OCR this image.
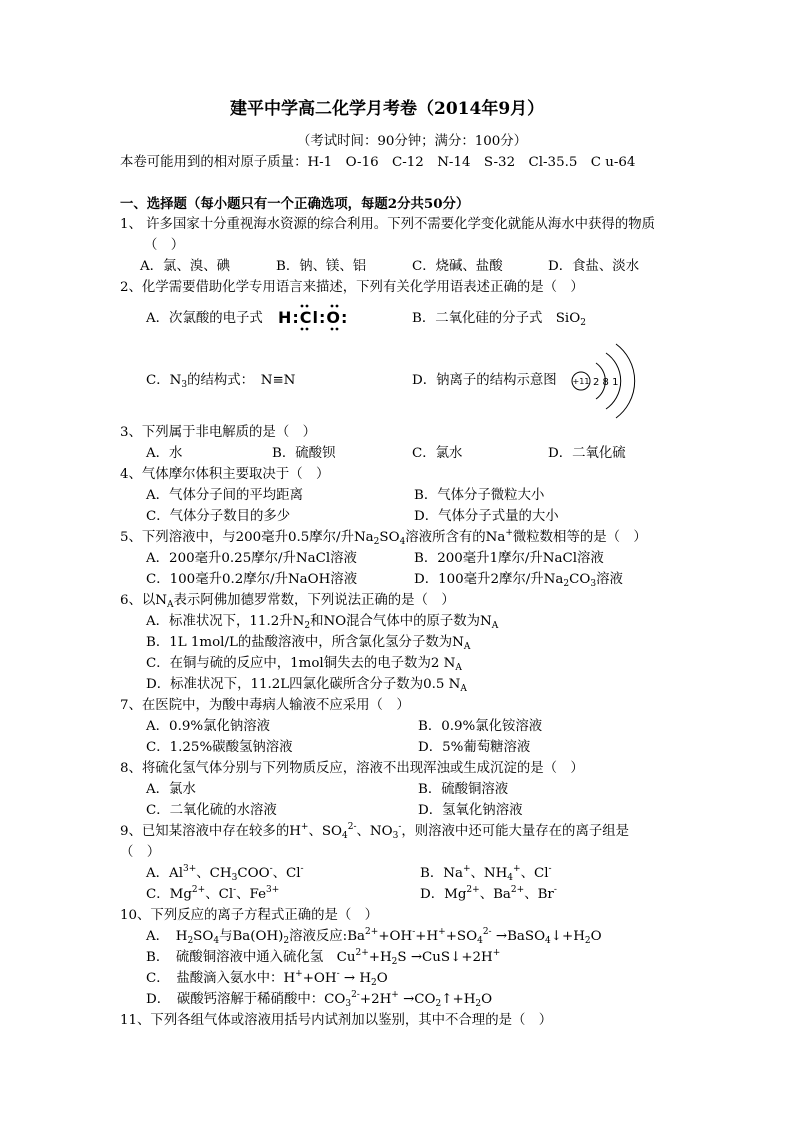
建平中学高二化学月考卷（2014年9月）
（考试时间：90分钟；满分：100分）
本卷可能用到的相对原子质量：H-1　O-16　C-12　N-14　S-32　Cl-35.5　C u-64
一、选择题（每小题只有一个正确选项，每题2分共50分）
1、 许多国家十分重视海水资源的综合利用。下列不需要化学变化就能从海水中获得的物质
（　）
A．氯、溴、碘	B．钠、镁、铝	C．烧碱、盐酸	D．食盐、淡水
2、化学需要借助化学专用语言来描述，下列有关化学用语表述正确的是（　）
A．次氯酸的电子式 H:Cl:O:	B．二氧化硅的分子式　 SiO$_2$
C．$N_3$的结构式：　N≡N	D．钠离子的结构示意图 +11 2 8 1
3、下列属于非电解质的是（　）
A．水	B．硫酸钡	C．氯水	D．二氧化硫
4、气体摩尔体积主要取决于（　）
A．气体分子间的平均距离	B．气体分子微粒大小
C．气体分子数目的多少	D．气体分子式量的大小
5、下列溶液中，与200毫升0.5摩尔/升$Na_2SO_4$溶液所含有的Na+微粒数相等的是（　）
A．200毫升0.25摩尔/升NaCl溶液	B．200毫升1摩尔/升NaCl溶液
C．100毫升0.2摩尔/升NaOH溶液	D．100毫升2摩尔/升$Na_2CO_3$溶液
6、以$N_A$表示阿佛加德罗常数，下列说法正确的是（　）
A．标准状况下，11.2升$N_2$和NO混合气体中的原子数为$N_A$
B．1L 1mol/L的盐酸溶液中，所含氯化氢分子数为$N_A$
C．在铜与硫的反应中，1mol铜失去的电子数为2 $N_A$
D．标准状况下，11.2L四氯化碳所含分子数为0.5 $N_A$
7、在医院中，为酸中毒病人输液不应采用（　）
A．0.9%氯化钠溶液	B．0.9%氯化铵溶液
C．1.25%碳酸氢钠溶液	D．5%葡萄糖溶液
8、将硫化氢气体分别与下列物质反应，溶液不出现浑浊或生成沉淀的是（　）
A．氯水	B．硫酸铜溶液
C．二氧化硫的水溶液	D．氢氧化钠溶液
9、已知某溶液中存在较多的H+、$SO_4^{2-}$、$NO_3^-$，则溶液中还可能大量存在的离子组是
（　）
A．$Al^{3+}$、$CH_3COO^-$、Cl-	B．Na+、$NH_4^+$、Cl-
C．$Mg^{2+}$、Cl-、$Fe^{3+}$	D．$Mg^{2+}$、$Ba^{2+}$、Br-
10、下列反应的离子方程式正确的是（　）
A．　$H_2SO_4$与$Ba(OH)_2$溶液反应$:Ba^{2+}+OH^-+H^++SO_4^{2-}$ $\to BaSO_4↓+H_2O$
B．　硫酸铜溶液中通入硫化氢　$Cu^{2+}+H_2S$ →CuS↓+2H+
C．　盐酸滴入氨水中：$H^++OH^- \to H_2O$
D．　碳酸钙溶解于稀硝酸中：$CO_3^{2-}+2H^+$ $\to CO_2↑+H_2O$
11、下列各组气体或溶液用括号内试剂加以鉴别，其中不合理的是（　）
